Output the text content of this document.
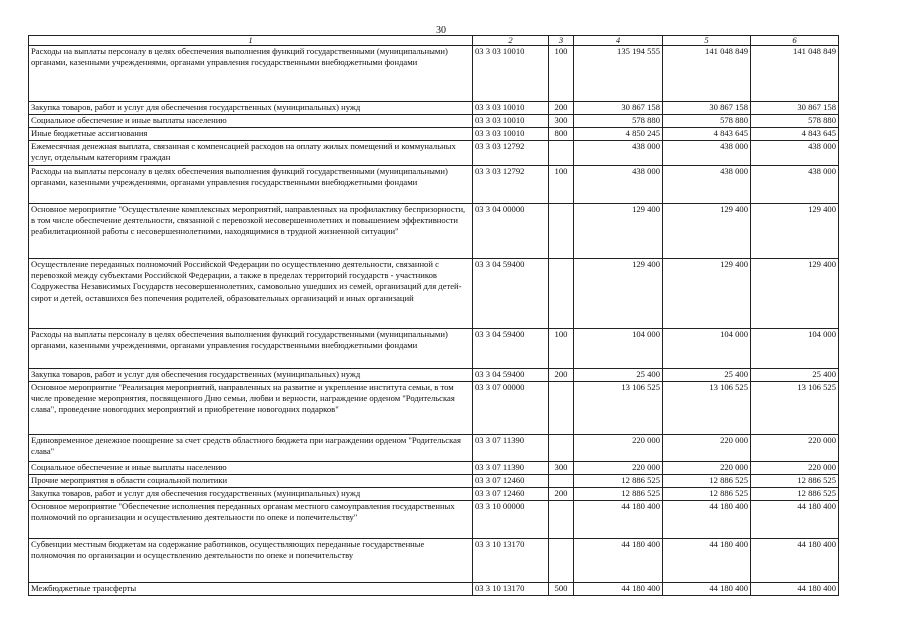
30
1	2	3	4	5	6
Расходы на выплаты персоналу в целях обеспечения выполнения функций государственными (муниципальными) органами, казенными учреждениями, органами управления государственными внебюджетными фондами	03 3 03 10010	100	135 194 555	141 048 849	141 048 849
Закупка товаров, работ и услуг для обеспечения государственных (муниципальных) нужд	03 3 03 10010	200	30 867 158	30 867 158	30 867 158
Социальное обеспечение и иные выплаты населению	03 3 03 10010	300	578 880	578 880	578 880
Иные бюджетные ассигнования	03 3 03 10010	800	4 850 245	4 843 645	4 843 645
Ежемесячная денежная выплата, связанная с компенсацией расходов на оплату жилых помещений и коммунальных услуг, отдельным категориям граждан	03 3 03 12792		438 000	438 000	438 000
Расходы на выплаты персоналу в целях обеспечения выполнения функций государственными (муниципальными) органами, казенными учреждениями, органами управления государственными внебюджетными фондами	03 3 03 12792	100	438 000	438 000	438 000
Основное мероприятие "Осуществление комплексных мероприятий, направленных на профилактику беспризорности, в том числе обеспечение деятельности, связанной с перевозкой несовершеннолетних и повышением эффективности реабилитационной работы с несовершеннолетними, находящимися в трудной жизненной ситуации"	03 3 04 00000		129 400	129 400	129 400
Осуществление переданных полномочий Российской Федерации по осуществлению деятельности, связанной с перевозкой между субъектами Российской Федерации, а также в пределах территорий государств - участников Содружества Независимых Государств несовершеннолетних, самовольно ушедших из семей, организаций для детей-сирот и детей, оставшихся без попечения родителей, образовательных организаций и иных организаций	03 3 04 59400		129 400	129 400	129 400
Расходы на выплаты персоналу в целях обеспечения выполнения функций государственными (муниципальными) органами, казенными учреждениями, органами управления государственными внебюджетными фондами	03 3 04 59400	100	104 000	104 000	104 000
Закупка товаров, работ и услуг для обеспечения государственных (муниципальных) нужд	03 3 04 59400	200	25 400	25 400	25 400
Основное мероприятие "Реализация мероприятий, направленных на развитие и укрепление института семьи, в том числе проведение мероприятия, посвященного Дню семьи, любви и верности, награждение орденом "Родительская слава", проведение новогодних мероприятий и приобретение новогодних подарков"	03 3 07 00000		13 106 525	13 106 525	13 106 525
Единовременное денежное поощрение за счет средств областного бюджета при награждении орденом "Родительская слава"	03 3 07 11390		220 000	220 000	220 000
Социальное обеспечение и иные выплаты населению	03 3 07 11390	300	220 000	220 000	220 000
Прочие мероприятия в области социальной политики	03 3 07 12460		12 886 525	12 886 525	12 886 525
Закупка товаров, работ и услуг для обеспечения государственных (муниципальных) нужд	03 3 07 12460	200	12 886 525	12 886 525	12 886 525
Основное мероприятие "Обеспечение исполнения переданных органам местного самоуправления государственных полномочий по организации и осуществлению деятельности по опеке и попечительству"	03 3 10 00000		44 180 400	44 180 400	44 180 400
Субвенции местным бюджетам на содержание работников, осуществляющих переданные государственные полномочия по организации и осуществлению деятельности по опеке и попечительству	03 3 10 13170		44 180 400	44 180 400	44 180 400
Межбюджетные трансферты	03 3 10 13170	500	44 180 400	44 180 400	44 180 400
